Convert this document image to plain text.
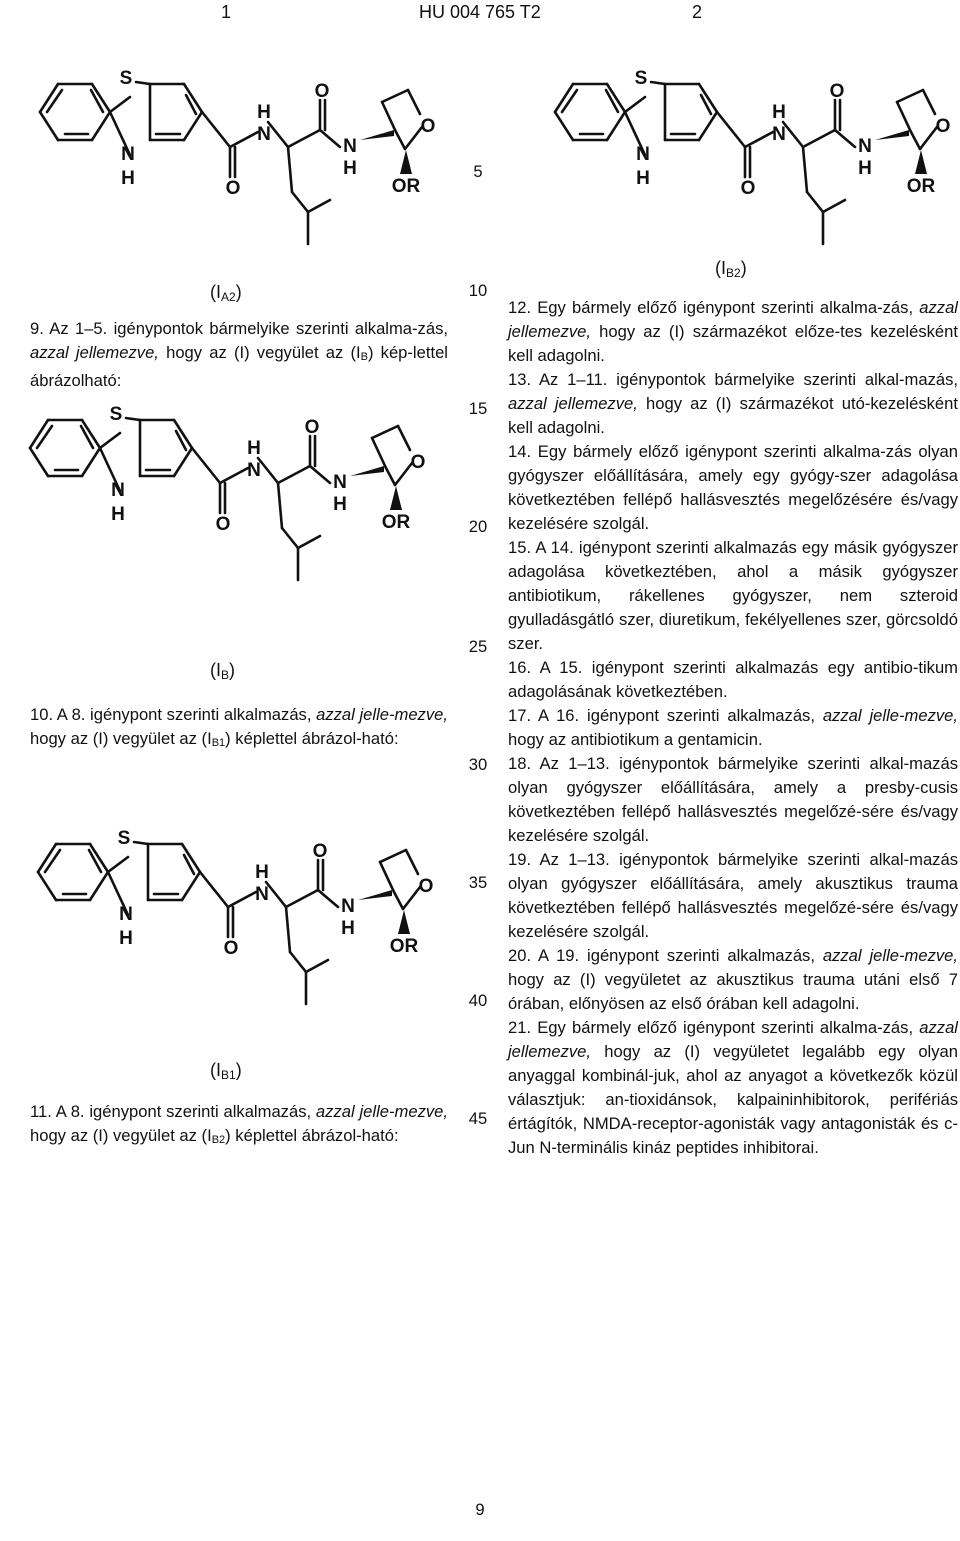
1	HU 004 765 T2	2
S
N
H
H
N
O
O
N
H
O
OR
S
N
H
H
N
O
O
N
H
O
OR
S
N
H
H
N
O
O
N
H
O
OR
S
N
H
H
N
O
O
N
H
O
OR
$(I_{A2})$
$(I_B)$
$(I_{B1})$
$(I_{B2})$
9. Az 1–5. igénypontok bármelyike szerinti alkalma-zás, azzal jellemezve, hogy az (I) vegyület az $(I_B)$ kép-lettel ábrázolható:
10. A 8. igénypont szerinti alkalmazás, azzal jelle-mezve, hogy az (I) vegyület az $(I_{B1})$ képlettel ábrázol-ható:
11. A 8. igénypont szerinti alkalmazás, azzal jelle-mezve, hogy az (I) vegyület az $(I_{B2})$ képlettel ábrázol-ható:
12. Egy bármely előző igénypont szerinti alkalma-zás, azzal jellemezve, hogy az (I) származékot előze-tes kezelésként kell adagolni.
13. Az 1–11. igénypontok bármelyike szerinti alkal-mazás, azzal jellemezve, hogy az (I) származékot utó-kezelésként kell adagolni.
14. Egy bármely előző igénypont szerinti alkalma-zás olyan gyógyszer előállítására, amely egy gyógy-szer adagolása következtében fellépő hallásvesztés megelőzésére és/vagy kezelésére szolgál.
15. A 14. igénypont szerinti alkalmazás egy másik gyógyszer adagolása következtében, ahol a másik gyógyszer antibiotikum, rákellenes gyógyszer, nem szteroid gyulladásgátló szer, diuretikum, fekélyellenes szer, görcsoldó szer.
16. A 15. igénypont szerinti alkalmazás egy antibio-tikum adagolásának következtében.
17. A 16. igénypont szerinti alkalmazás, azzal jelle-mezve, hogy az antibiotikum a gentamicin.
18. Az 1–13. igénypontok bármelyike szerinti alkal-mazás olyan gyógyszer előállítására, amely a presby-cusis következtében fellépő hallásvesztés megelőzé-sére és/vagy kezelésére szolgál.
19. Az 1–13. igénypontok bármelyike szerinti alkal-mazás olyan gyógyszer előállítására, amely akusztikus trauma következtében fellépő hallásvesztés megelőzé-sére és/vagy kezelésére szolgál.
20. A 19. igénypont szerinti alkalmazás, azzal jelle-mezve, hogy az (I) vegyületet az akusztikus trauma utáni első 7 órában, előnyösen az első órában kell adagolni.
21. Egy bármely előző igénypont szerinti alkalma-zás, azzal jellemezve, hogy az (I) vegyületet legalább egy olyan anyaggal kombinál-juk, ahol az anyagot a következők közül választjuk: an-tioxidánsok, kalpaininhibitorok, perifériás értágítók, NMDA-receptor-agonisták vagy antagonisták és c-Jun N-terminális kináz peptides inhibitorai.
5
10
15
20
25
30
35
40
45
9
